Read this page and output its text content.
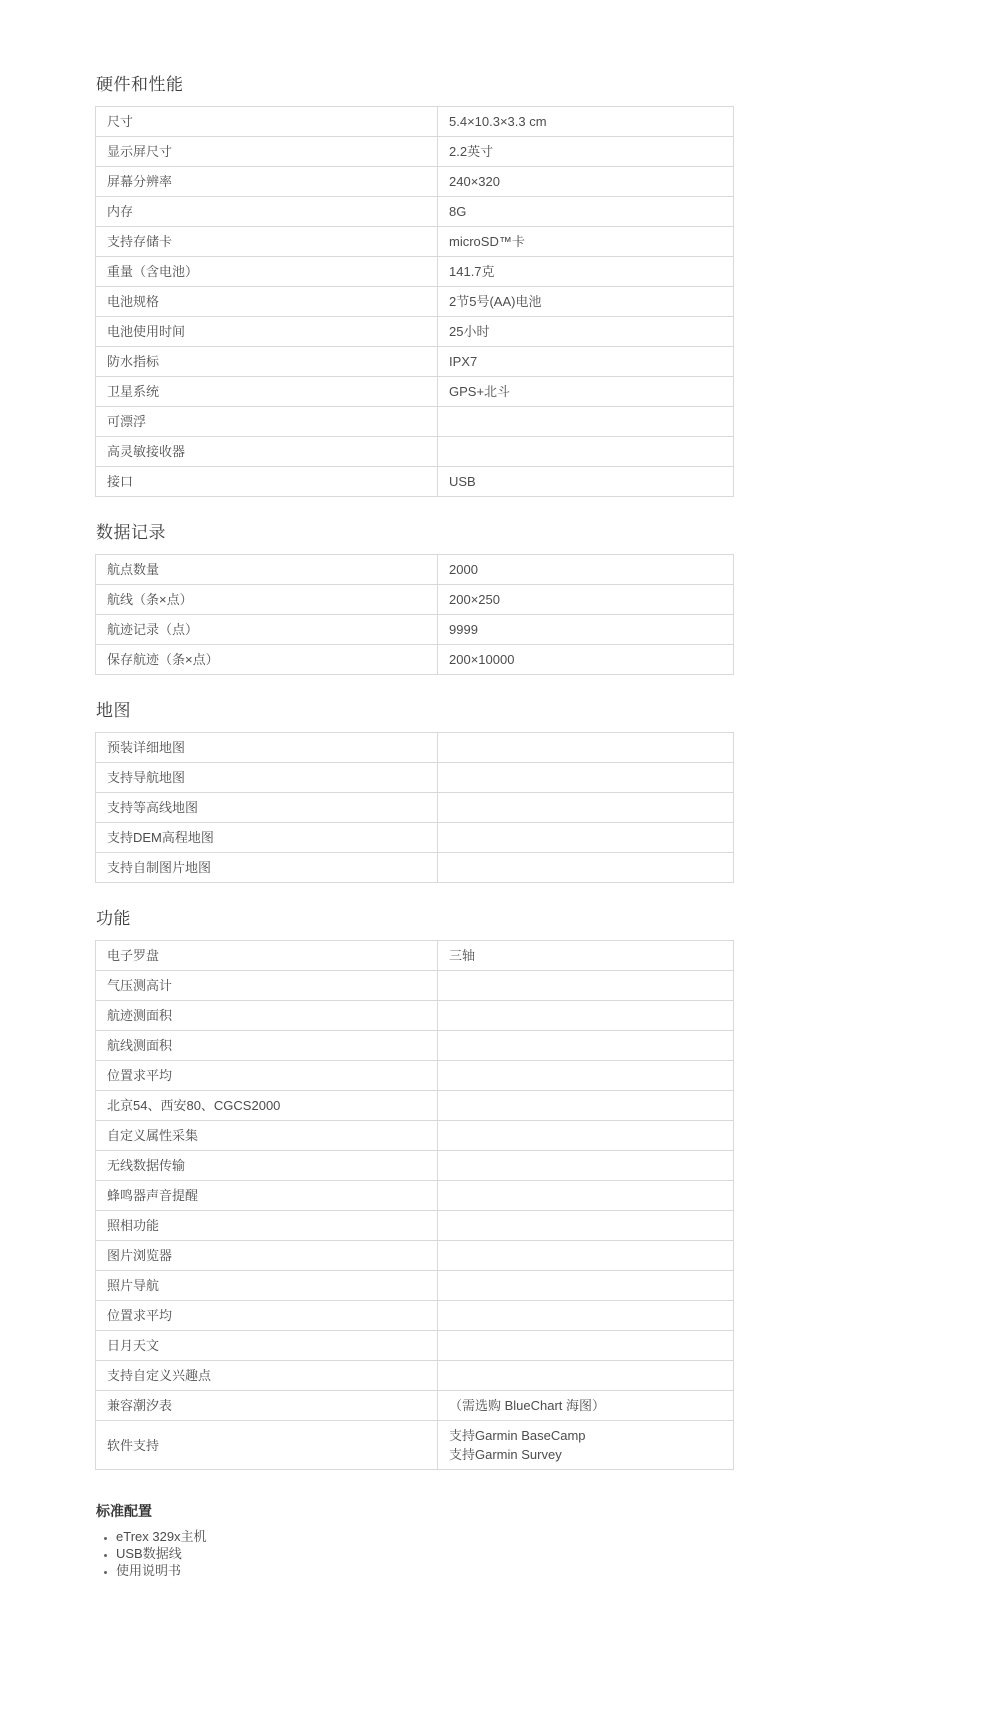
硬件和性能
尺寸	5.4×10.3×3.3 cm
显示屏尺寸	2.2英寸
屏幕分辨率	240×320
内存	8G
支持存储卡	microSD™卡
重量（含电池）	141.7克
电池规格	2节5号(AA)电池
电池使用时间	25小时
防水指标	IPX7
卫星系统	GPS+北斗
可漂浮	
高灵敏接收器	
接口	USB
数据记录
航点数量	2000
航线（条×点）	200×250
航迹记录（点）	9999
保存航迹（条×点）	200×10000
地图
预装详细地图	
支持导航地图	
支持等高线地图	
支持DEM高程地图	
支持自制图片地图	
功能
电子罗盘	三轴
气压测高计	
航迹测面积	
航线测面积	
位置求平均	
北京54、西安80、CGCS2000	
自定义属性采集	
无线数据传输	
蜂鸣器声音提醒	
照相功能	
图片浏览器	
照片导航	
位置求平均	
日月天文	
支持自定义兴趣点	
兼容潮汐表	（需选购 BlueChart 海图）
软件支持	支持Garmin BaseCamp
支持Garmin Survey
标准配置
• eTrex 329x主机
• USB数据线
• 使用说明书
